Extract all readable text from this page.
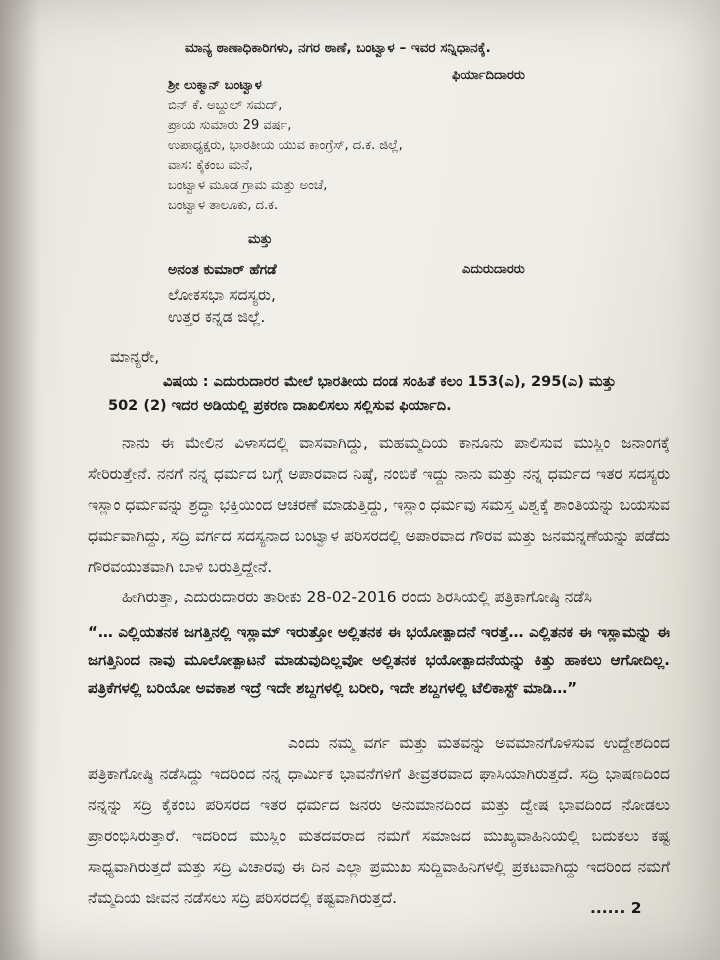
ಮಾನ್ಯ ಠಾಣಾಧಿಕಾರಿಗಳು, ನಗರ ಠಾಣೆ, ಬಂಟ್ವಾಳ – ಇವರ ಸನ್ನಿಧಾನಕ್ಕೆ.
ಫಿರ್ಯಾದಿದಾರರು
ಶ್ರೀ ಲುಕ್ಮಾನ್ ಬಂಟ್ವಾಳ
ಬಿನ್ ಕೆ. ಅಬ್ದುಲ್ ಸಮದ್,
ಪ್ರಾಯ ಸುಮಾರು 29 ವರ್ಷ,
ಉಪಾಧ್ಯಕ್ಷರು, ಭಾರತೀಯ ಯುವ ಕಾಂಗ್ರೆಸ್, ದ.ಕ. ಜಿಲ್ಲೆ,
ವಾಸ: ಕೈಕಂಬ ಮನೆ,
ಬಂಟ್ವಾಳ ಮೂಡ ಗ್ರಾಮ ಮತ್ತು ಅಂಚೆ,
ಬಂಟ್ವಾಳ ತಾಲೂಕು, ದ.ಕ.
ಮತ್ತು
ಅನಂತ ಕುಮಾರ್ ಹೆಗಡೆ	ಎದುರುದಾರರು
ಲೋಕಸಭಾ ಸದಸ್ಯರು,
ಉತ್ತರ ಕನ್ನಡ ಜಿಲ್ಲೆ.
ಮಾನ್ಯರೇ,
ವಿಷಯ : ಎದುರುದಾರರ ಮೇಲೆ ಭಾರತೀಯ ದಂಡ ಸಂಹಿತೆ ಕಲಂ 153(ಎ), 295(ಎ) ಮತ್ತು
502 (2) ಇದರ ಅಡಿಯಲ್ಲಿ ಪ್ರಕರಣ ದಾಖಲಿಸಲು ಸಲ್ಲಿಸುವ ಫಿರ್ಯಾದಿ.
ನಾನು ಈ ಮೇಲಿನ ವಿಳಾಸದಲ್ಲಿ ವಾಸವಾಗಿದ್ದು, ಮಹಮ್ಮದಿಯ ಕಾನೂನು ಪಾಲಿಸುವ ಮುಸ್ಲಿಂ ಜನಾಂಗಕ್ಕೆ ಸೇರಿರುತ್ತೇನೆ. ನನಗೆ ನನ್ನ ಧರ್ಮದ ಬಗ್ಗೆ ಅಪಾರವಾದ ನಿಷ್ಠೆ, ನಂಬಿಕೆ ಇದ್ದು ನಾನು ಮತ್ತು ನನ್ನ ಧರ್ಮದ ಇತರ ಸದಸ್ಯರು ಇಸ್ಲಾಂ ಧರ್ಮವನ್ನು ಶ್ರದ್ಧಾ ಭಕ್ತಿಯಿಂದ ಆಚರಣೆ ಮಾಡುತ್ತಿದ್ದು, ಇಸ್ಲಾಂ ಧರ್ಮವು ಸಮಸ್ತ ವಿಶ್ವಕ್ಕೆ ಶಾಂತಿಯನ್ನು ಬಯಸುವ ಧರ್ಮವಾಗಿದ್ದು, ಸದ್ರಿ ವರ್ಗದ ಸದಸ್ಯನಾದ ಬಂಟ್ವಾಳ ಪರಿಸರದಲ್ಲಿ ಅಪಾರವಾದ ಗೌರವ ಮತ್ತು ಜನಮನ್ನಣೆಯನ್ನು ಪಡೆದು ಗೌರವಯುತವಾಗಿ ಬಾಳಿ ಬರುತ್ತಿದ್ದೇನೆ.
ಹೀಗಿರುತ್ತಾ, ಎದುರುದಾರರು ತಾರೀಕು 28-02-2016 ರಂದು ಶಿರಸಿಯಲ್ಲಿ ಪತ್ರಿಕಾಗೋಷ್ಠಿ ನಡೆಸಿ
“… ಎಲ್ಲಿಯತನಕ ಜಗತ್ತಿನಲ್ಲಿ ಇಸ್ಲಾಮ್ ಇರುತ್ತೋ ಅಲ್ಲಿತನಕ ಈ ಭಯೋತ್ಪಾದನೆ ಇರತ್ತೆ… ಎಲ್ಲಿತನಕ ಈ ಇಸ್ಲಾಮನ್ನು ಈ ಜಗತ್ತಿನಿಂದ ನಾವು ಮೂಲೋತ್ಪಾಟನೆ ಮಾಡುವುದಿಲ್ಲವೋ ಅಲ್ಲಿತನಕ ಭಯೋತ್ಪಾದನೆಯನ್ನು ಕಿತ್ತು ಹಾಕಲು ಆಗೋದಿಲ್ಲ. ಪತ್ರಿಕೆಗಳಲ್ಲಿ ಬರಿಯೋ ಅವಕಾಶ ಇದ್ರೆ ಇದೇ ಶಬ್ದಗಳಲ್ಲಿ ಬರೀರಿ, ಇದೇ ಶಬ್ದಗಳಲ್ಲಿ ಟೆಲಿಕಾಸ್ಟ್ ಮಾಡಿ…”
ಎಂದು ನಮ್ಮ ವರ್ಗ ಮತ್ತು ಮತವನ್ನು ಅವಮಾನಗೊಳಿಸುವ ಉದ್ದೇಶದಿಂದ ಪತ್ರಿಕಾಗೋಷ್ಠಿ ನಡೆಸಿದ್ದು ಇದರಿಂದ ನನ್ನ ಧಾರ್ಮಿಕ ಭಾವನೆಗಳಿಗೆ ತೀವ್ರತರವಾದ ಘಾಸಿಯಾಗಿರುತ್ತದೆ. ಸದ್ರಿ ಭಾಷಣದಿಂದ ನನ್ನನ್ನು ಸದ್ರಿ ಕೈಕಂಬ ಪರಿಸರದ ಇತರ ಧರ್ಮದ ಜನರು ಅನುಮಾನದಿಂದ ಮತ್ತು ದ್ವೇಷ ಭಾವದಿಂದ ನೋಡಲು ಪ್ರಾರಂಭಿಸಿರುತ್ತಾರೆ. ಇದರಿಂದ ಮುಸ್ಲಿಂ ಮತದವರಾದ ನಮಗೆ ಸಮಾಜದ ಮುಖ್ಯವಾಹಿನಿಯಲ್ಲಿ ಬದುಕಲು ಕಷ್ಟ ಸಾಧ್ಯವಾಗಿರುತ್ತದೆ ಮತ್ತು ಸದ್ರಿ ವಿಚಾರವು ಈ ದಿನ ಎಲ್ಲಾ ಪ್ರಮುಖ ಸುದ್ದಿವಾಹಿನಿಗಳಲ್ಲಿ ಪ್ರಕಟವಾಗಿದ್ದು ಇದರಿಂದ ನಮಗೆ ನೆಮ್ಮದಿಯ ಜೀವನ ನಡೆಸಲು ಸದ್ರಿ ಪರಿಸರದಲ್ಲಿ ಕಷ್ಟವಾಗಿರುತ್ತದೆ.
...... 2
